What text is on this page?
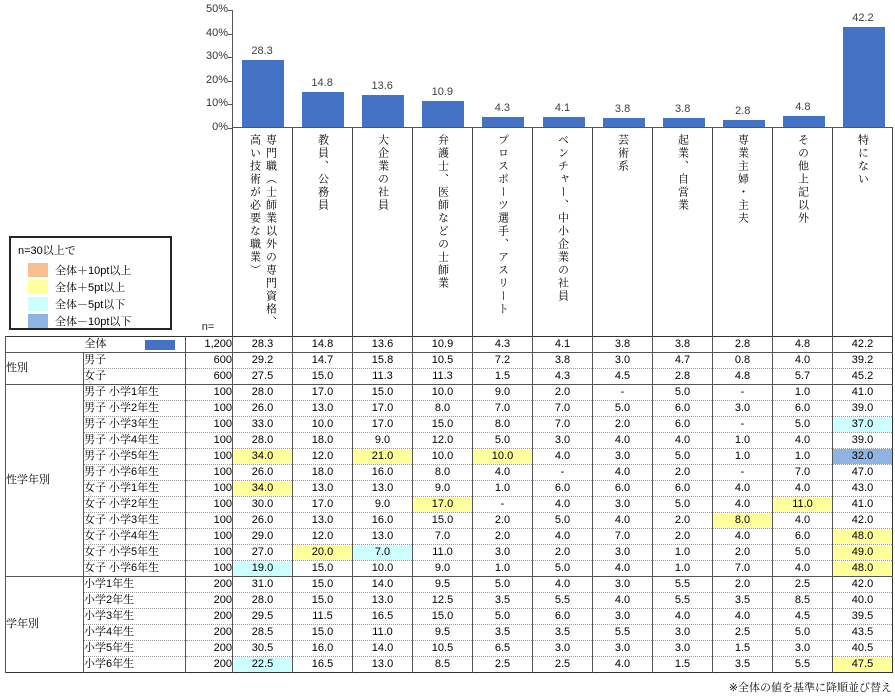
専門職（士師業以外の専門資格、高い技術が必要な職業）	教員、公務員	大企業の社員	弁護士、医師などの士師業	プロスポーツ選手、アスリート	ベンチャー、中小企業の社員	芸術系	起業、自営業	専業主婦・主夫	その他上記以外	特にない
n=30以上で
全体＋10pt以上
全体＋5pt以上
全体－5pt以下
全体－10pt以下	n=
全体		1,200	28.3	14.8	13.6	10.9	4.3	4.1	3.8	3.8	2.8	4.8	42.2
性別	男子	600	29.2	14.7	15.8	10.5	7.2	3.8	3.0	4.7	0.8	4.0	39.2
	女子	600	27.5	15.0	11.3	11.3	1.5	4.3	4.5	2.8	4.8	5.7	45.2
性学年別	男子 小学1年生	100	28.0	17.0	15.0	10.0	9.0	2.0	-	5.0	-	1.0	41.0
	男子 小学2年生	100	26.0	13.0	17.0	8.0	7.0	7.0	5.0	6.0	3.0	6.0	39.0
	男子 小学3年生	100	33.0	10.0	17.0	15.0	8.0	7.0	2.0	6.0	-	5.0	37.0
	男子 小学4年生	100	28.0	18.0	9.0	12.0	5.0	3.0	4.0	4.0	1.0	4.0	39.0
	男子 小学5年生	100	34.0	12.0	21.0	10.0	10.0	4.0	3.0	5.0	1.0	1.0	32.0
	男子 小学6年生	100	26.0	18.0	16.0	8.0	4.0	-	4.0	2.0	-	7.0	47.0
	女子 小学1年生	100	34.0	13.0	13.0	9.0	1.0	6.0	6.0	6.0	4.0	4.0	43.0
	女子 小学2年生	100	30.0	17.0	9.0	17.0	-	4.0	3.0	5.0	4.0	11.0	41.0
	女子 小学3年生	100	26.0	13.0	16.0	15.0	2.0	5.0	4.0	2.0	8.0	4.0	42.0
	女子 小学4年生	100	29.0	12.0	13.0	7.0	2.0	4.0	7.0	2.0	4.0	6.0	48.0
	女子 小学5年生	100	27.0	20.0	7.0	11.0	3.0	2.0	3.0	1.0	2.0	5.0	49.0
	女子 小学6年生	100	19.0	15.0	10.0	9.0	1.0	5.0	4.0	1.0	7.0	4.0	48.0
学年別	小学1年生	200	31.0	15.0	14.0	9.5	5.0	4.0	3.0	5.5	2.0	2.5	42.0
	小学2年生	200	28.0	15.0	13.0	12.5	3.5	5.5	4.0	5.5	3.5	8.5	40.0
	小学3年生	200	29.5	11.5	16.5	15.0	5.0	6.0	3.0	4.0	4.0	4.5	39.5
	小学4年生	200	28.5	15.0	11.0	9.5	3.5	3.5	5.5	3.0	2.5	5.0	43.5
	小学5年生	200	30.5	16.0	14.0	10.5	6.5	3.0	3.0	3.0	1.5	3.0	40.5
	小学6年生	200	22.5	16.5	13.0	8.5	2.5	2.5	4.0	1.5	3.5	5.5	47.5
※全体の値を基準に降順並び替え
0%
10%
20%
30%
40%
50%
28.3
14.8	13.6
10.9
4.3	4.1	3.8	3.8	2.8	4.8
42.2
